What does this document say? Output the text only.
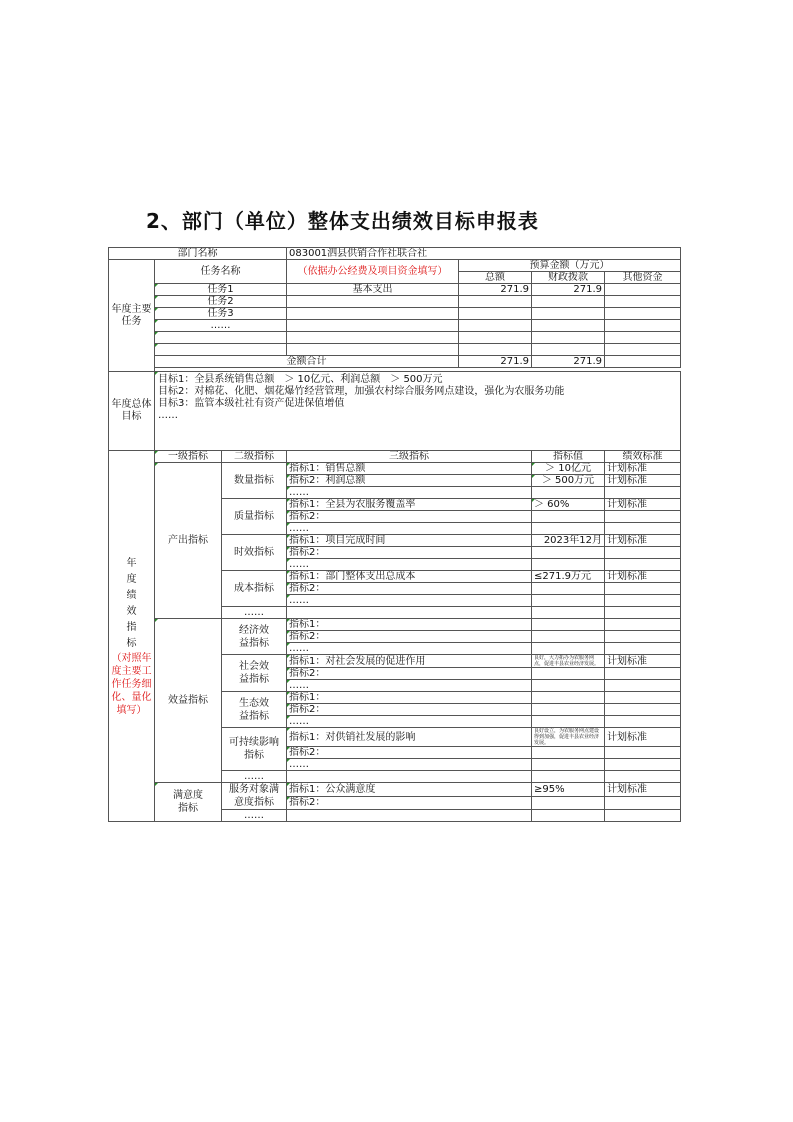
2、部门（单位）整体支出绩效目标申报表
部门名称			083001泗县供销合作社联合社			
年度主要任务	任务名称		（依据办公经费及项目资金填写）	预算金额（万元）		
				总额	财政拨款	其他资金
	任务1		基本支出	271.9	271.9	
	任务2					
	任务3					
	……					

	金额合计			271.9	271.9	

年度总体目标	目标1：全县系统销售总额　＞ 10亿元、利润总额　＞ 500万元
目标2：对棉花、化肥、烟花爆竹经营管理，加强农村综合服务网点建设，强化为农服务功能
目标3：监管本级社社有资产促进保值增值
……					

年度绩效指标
（对照年度主要工作任务细化、量化填写）	一级指标	二级指标	三级指标		指标值	绩效标准
	产出指标	数量指标	指标1：销售总额		＞ 10亿元	计划标准
			指标2：利润总额		＞ 500万元	计划标准
			……			
		质量指标	指标1：全县为农服务覆盖率		＞ 60%	计划标准
			指标2：			
			……			
		时效指标	指标1：项目完成时间		2023年12月	计划标准
			指标2：			
			……			
		成本指标	指标1：部门整体支出总成本		≤271.9万元	计划标准
			指标2：			
			……			
		……				
	效益指标	经济效益指标	指标1：			
			指标2：			
			……			
		社会效益指标	指标1：对社会发展的促进作用		良好，大力拓办为农服务网点，促进丰县农业经济发展。	计划标准

			指标2：			
			……			
		生态效益指标	指标1：			
			指标2：			
			……			
		可持续影响指标	指标1：对供销社发展的影响		良好设立，为农服务网点建设得到加强，促进丰县农业经济发展。	计划标准

			指标2：			
			……			
		……				
	满意度指标	服务对象满意度指标	指标1：公众满意度		≥95%	计划标准
			指标2：			
		……				
